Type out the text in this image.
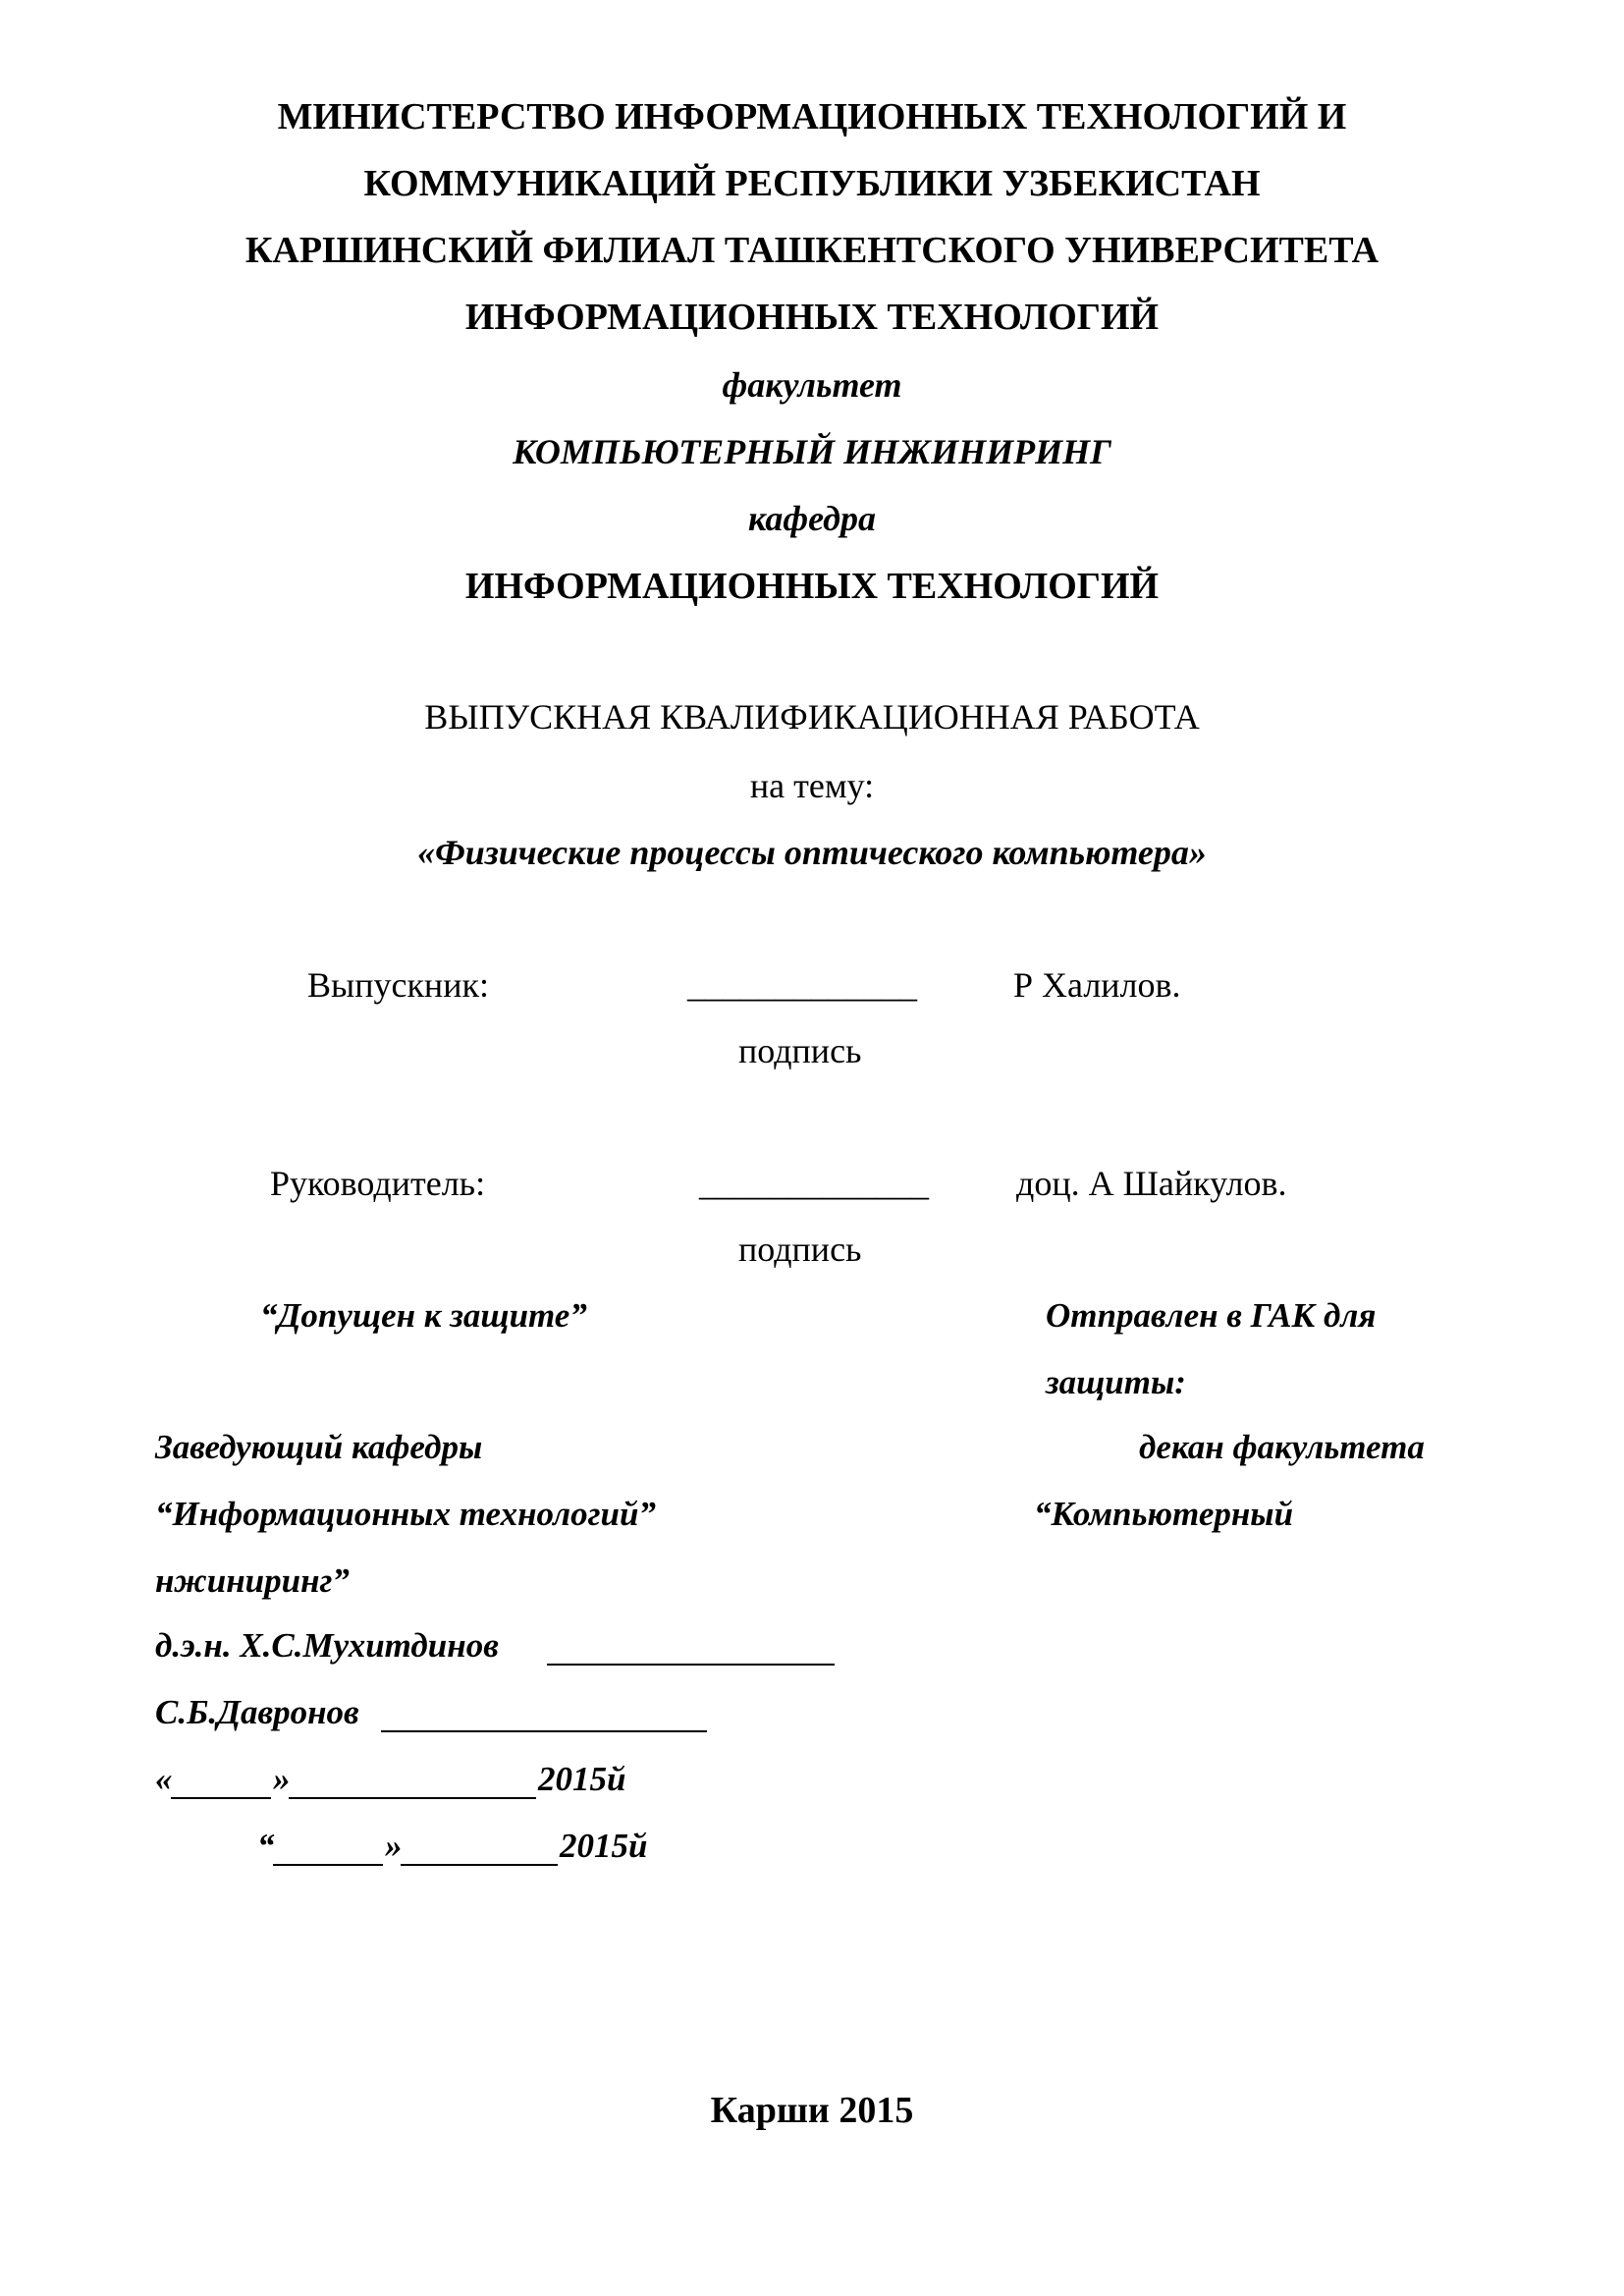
МИНИСТЕРСТВО ИНФОРМАЦИОННЫХ ТЕХНОЛОГИЙ И
КОММУНИКАЦИЙ РЕСПУБЛИКИ УЗБЕКИСТАН
КАРШИНСКИЙ ФИЛИАЛ ТАШКЕНТСКОГО УНИВЕРСИТЕТА
ИНФОРМАЦИОННЫХ ТЕХНОЛОГИЙ
факультет
КОМПЬЮТЕРНЫЙ ИНЖИНИРИНГ
кафедра
ИНФОРМАЦИОННЫХ ТЕХНОЛОГИЙ
ВЫПУСКНАЯ КВАЛИФИКАЦИОННАЯ РАБОТА
на тему:
«Физические процессы оптического компьютера»
Выпускник:	_____________	Р Халилов.
подпись
Руководитель:	_____________ доц. А Шайкулов.
подпись
“Допущен к защите”	Отправлен в ГАК для
защиты:
Заведующий кафедры	декан факультета
“Информационных технологий”	“Компьютерный
нжиниринг”
д.э.н. Х.С.Мухитдинов
С.Б.Давронов
«	»	2015й
“	»	2015й
Карши 2015
